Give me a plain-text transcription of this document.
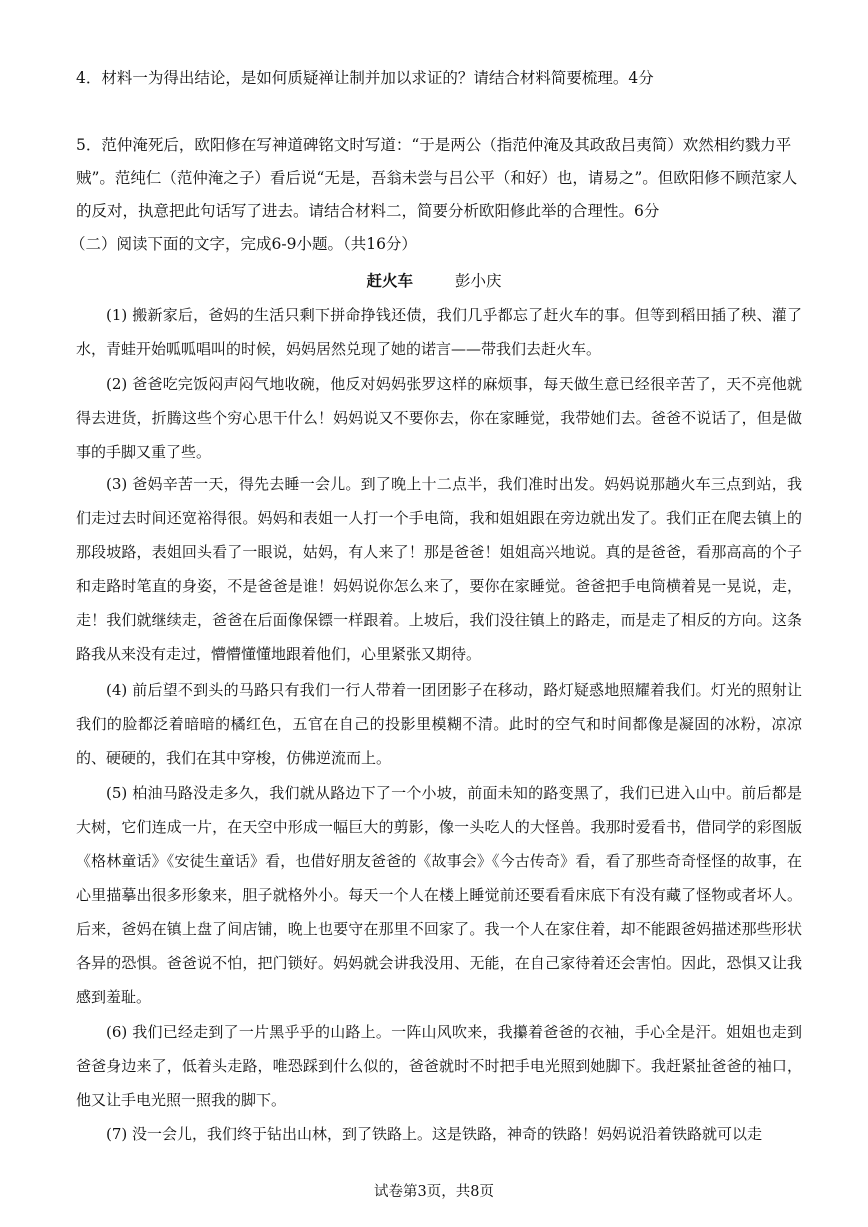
4．材料一为得出结论，是如何质疑禅让制并加以求证的？请结合材料简要梳理。4分
5．范仲淹死后，欧阳修在写神道碑铭文时写道：“于是两公（指范仲淹及其政敌吕夷简）欢然相约戮力平贼”。范纯仁（范仲淹之子）看后说“无是，吾翁未尝与吕公平（和好）也，请易之”。但欧阳修不顾范家人的反对，执意把此句话写了进去。请结合材料二，简要分析欧阳修此举的合理性。6分
（二）阅读下面的文字，完成6-9小题。（共16分）
赶火车	彭小庆
(1) 搬新家后，爸妈的生活只剩下拼命挣钱还债，我们几乎都忘了赶火车的事。但等到稻田插了秧、灌了水，青蛙开始呱呱唱叫的时候，妈妈居然兑现了她的诺言——带我们去赶火车。
(2) 爸爸吃完饭闷声闷气地收碗，他反对妈妈张罗这样的麻烦事，每天做生意已经很辛苦了，天不亮他就得去进货，折腾这些个穷心思干什么！妈妈说又不要你去，你在家睡觉，我带她们去。爸爸不说话了，但是做事的手脚又重了些。
(3) 爸妈辛苦一天，得先去睡一会儿。到了晚上十二点半，我们准时出发。妈妈说那趟火车三点到站，我们走过去时间还宽裕得很。妈妈和表姐一人打一个手电筒，我和姐姐跟在旁边就出发了。我们正在爬去镇上的那段坡路，表姐回头看了一眼说，姑妈，有人来了！那是爸爸！姐姐高兴地说。真的是爸爸，看那高高的个子和走路时笔直的身姿，不是爸爸是谁！妈妈说你怎么来了，要你在家睡觉。爸爸把手电筒横着晃一晃说，走，走！我们就继续走，爸爸在后面像保镖一样跟着。上坡后，我们没往镇上的路走，而是走了相反的方向。这条路我从来没有走过，懵懵懂懂地跟着他们，心里紧张又期待。
(4) 前后望不到头的马路只有我们一行人带着一团团影子在移动，路灯疑惑地照耀着我们。灯光的照射让我们的脸都泛着暗暗的橘红色，五官在自己的投影里模糊不清。此时的空气和时间都像是凝固的冰粉，凉凉的、硬硬的，我们在其中穿梭，仿佛逆流而上。
(5) 柏油马路没走多久，我们就从路边下了一个小坡，前面未知的路变黑了，我们已进入山中。前后都是大树，它们连成一片，在天空中形成一幅巨大的剪影，像一头吃人的大怪兽。我那时爱看书，借同学的彩图版《格林童话》《安徒生童话》看，也借好朋友爸爸的《故事会》《今古传奇》看，看了那些奇奇怪怪的故事，在心里描摹出很多形象来，胆子就格外小。每天一个人在楼上睡觉前还要看看床底下有没有藏了怪物或者坏人。后来，爸妈在镇上盘了间店铺，晚上也要守在那里不回家了。我一个人在家住着，却不能跟爸妈描述那些形状各异的恐惧。爸爸说不怕，把门锁好。妈妈就会讲我没用、无能，在自己家待着还会害怕。因此，恐惧又让我感到羞耻。
(6) 我们已经走到了一片黑乎乎的山路上。一阵山风吹来，我攥着爸爸的衣袖，手心全是汗。姐姐也走到爸爸身边来了，低着头走路，唯恐踩到什么似的，爸爸就时不时把手电光照到她脚下。我赶紧扯爸爸的袖口，他又让手电光照一照我的脚下。
(7) 没一会儿，我们终于钻出山林，到了铁路上。这是铁路，神奇的铁路！妈妈说沿着铁路就可以走
试卷第3页，共8页
